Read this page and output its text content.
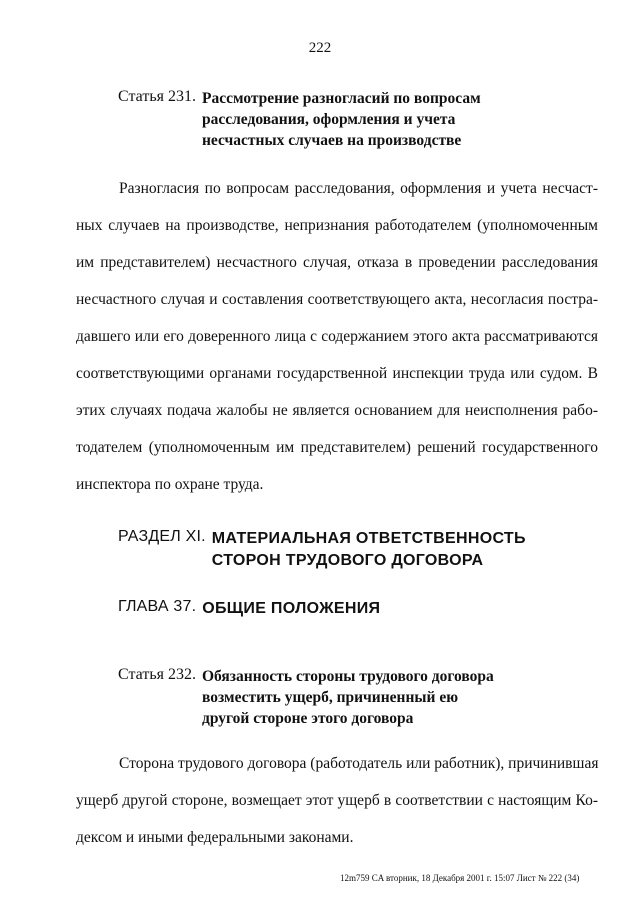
222
Статья 231. Рассмотрение разногласий по вопросам
расследования, оформления и учета
несчастных случаев на производстве
Разногласия по вопросам расследования, оформления и учета несчаст-
ных случаев на производстве, непризнания работодателем (уполномоченным
им представителем) несчастного случая, отказа в проведении расследования
несчастного случая и составления соответствующего акта, несогласия постра-
давшего или его доверенного лица с содержанием этого акта рассматриваются
соответствующими органами государственной инспекции труда или судом. В
этих случаях подача жалобы не является основанием для неисполнения рабо-
тодателем (уполномоченным им представителем) решений государственного
инспектора по охране труда.
РАЗДЕЛ XI. МАТЕРИАЛЬНАЯ ОТВЕТСТВЕННОСТЬ
СТОРОН ТРУДОВОГО ДОГОВОРА
ГЛАВА 37. ОБЩИЕ ПОЛОЖЕНИЯ
Статья 232. Обязанность стороны трудового договора
возместить ущерб, причиненный ею
другой стороне этого договора
Сторона трудового договора (работодатель или работник), причинившая
ущерб другой стороне, возмещает этот ущерб в соответствии с настоящим Ко-
дексом и иными федеральными законами.
12m759 CA вторник, 18 Декабря 2001 г. 15:07 Лист № 222 (34)
